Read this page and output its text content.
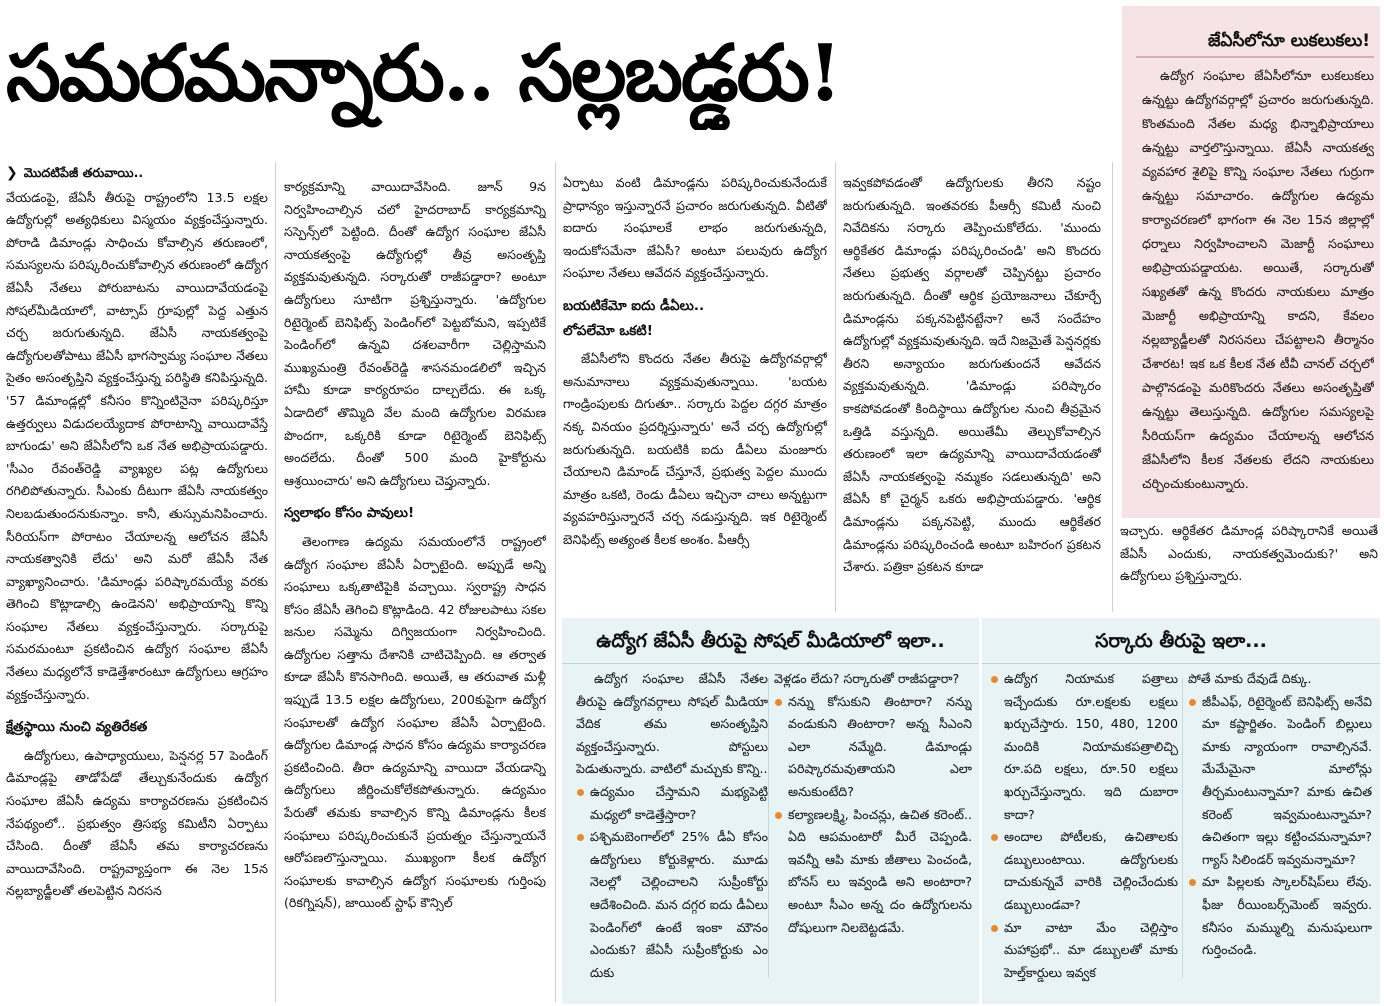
సమరమన్నారు.. సల్లబడ్డరు!
❯ మొదటిపేజీ తరువాయి..

వేయడంపై, జేఏసీ తీరుపై రాష్ట్రంలోని 13.5 లక్షల ఉద్యోగుల్లో అత్యధికులు విస్మయం వ్యక్తంచేస్తున్నారు. పోరాడి డిమాండ్లు సాధించు కోవాల్సిన తరుణంలో, సమస్యలను పరిష్కరించుకోవాల్సిన తరుణంలో ఉద్యోగ జేఏసీ నేతలు పోరుబాటను వాయిదావేయడంపై సోషల్‌మీడియాలో, వాట్సాప్ గ్రూపుల్లో పెద్ద ఎత్తున చర్చ జరుగుతున్నది. జేఏసీ నాయకత్వంపై ఉద్యోగులతోపాటు జేఏసీ భాగస్వామ్య సంఘాల నేతలు సైతం అసంతృప్తిని వ్యక్తంచేస్తున్న పరిస్థితి కనిపిస్తున్నది. '57 డిమాండ్లల్లో కనీసం కొన్నింటినైనా పరిష్కరిస్తూ ఉత్తర్వులు విడుదలయ్యేదాక పోరాటాన్ని వాయిదావేస్తే బాగుండు' అని జేఏసీలోని ఒక నేత అభిప్రాయపడ్డారు. 'సీఎం రేవంత్‌రెడ్డి వ్యాఖ్యల పట్ల ఉద్యోగులు రగిలిపోతున్నారు. సీఎంకు దీటుగా జేఏసీ నాయకత్వం నిలబడుతుందనుకున్నాం. కానీ, తుస్సుమనిపించారు. సీరియస్‌గా పోరాటం చేయాలన్న ఆలోచన జేఏసీ నాయకత్వానికి లేదు' అని మరో జేఏసీ నేత వ్యాఖ్యానించారు. 'డిమాండ్లు పరిష్కారమయ్యే వరకు తెగించి కొట్లాడాల్సి ఉండెనని' అభిప్రాయాన్ని కొన్ని సంఘాల నేతలు వ్యక్తంచేస్తున్నారు. సర్కారుపై సమరమంటూ ప్రకటించిన ఉద్యోగ సంఘాల జేఏసీ నేతలు మధ్యలోనే కాడెత్తేశారంటూ ఉద్యోగులు ఆగ్రహం వ్యక్తంచేస్తున్నారు.

క్షేత్రస్థాయి నుంచి వ్యతిరేకత

ఉద్యోగులు, ఉపాధ్యాయులు, పెన్షనర్ల 57 పెండింగ్ డిమాండ్లపై తాడోపేడో తేల్చుకునేందుకు ఉద్యోగ సంఘాల జేఏసీ ఉద్యమ కార్యాచరణను ప్రకటించిన నేపథ్యంలో.. ప్రభుత్వం త్రిసభ్య కమిటీని ఏర్పాటు చేసింది. దీంతో జేఏసీ తమ కార్యాచరణను వాయిదావేసింది. రాష్ట్రవ్యాప్తంగా ఈ నెల 15న నల్లబ్యాడ్జీలతో తలపెట్టిన నిరసన

కార్యక్రమాన్ని వాయిదావేసింది. జూన్ 9న నిర్వహించాల్సిన చలో హైదరాబాద్ కార్యక్రమాన్ని సస్పెన్స్‌లో పెట్టింది. దీంతో ఉద్యోగ సంఘాల జేఏసీ నాయకత్వంపై ఉద్యోగుల్లో తీవ్ర అసంతృప్తి వ్యక్తమవుతున్నది. సర్కారుతో రాజీపడ్డారా? అంటూ ఉద్యోగులు సూటిగా ప్రశ్నిస్తున్నారు. 'ఉద్యోగుల రిటైర్మెంట్ బెనిఫిట్స్ పెండింగ్‌లో పెట్టబోమని, ఇప్పటికే పెండింగ్‌లో ఉన్నవి దశలవారీగా చెల్లిస్తామని ముఖ్యమంత్రి రేవంత్‌రెడ్డి శాసనమండలిలో ఇచ్చిన హామీ కూడా కార్యరూపం దాల్చలేదు. ఈ ఒక్క ఏడాదిలో తొమ్మిది వేల మంది ఉద్యోగుల విరమణ పొందగా, ఒక్కరికి కూడా రిటైర్మెంట్ బెనిఫిట్స్ అందలేదు. దీంతో 500 మంది హైకోర్టును ఆశ్రయించారు' అని ఉద్యోగులు చెప్తున్నారు.

స్వలాభం కోసం పావులు!

తెలంగాణ ఉద్యమ సమయంలోనే రాష్ట్రంలో ఉద్యోగ సంఘాల జేఏసీ ఏర్పాటైంది. అప్పుడే అన్ని సంఘాలు ఒక్కతాటిపైకి వచ్చాయి. స్వరాష్ట్ర సాధన కోసం జేఏసీ తెగించి కొట్లాడింది. 42 రోజులపాటు సకల జనుల సమ్మెను దిగ్విజయంగా నిర్వహించింది. ఉద్యోగుల సత్తాను దేశానికి చాటిచెప్పింది. ఆ తర్వాత కూడా జేఏసీ కొనసాగింది. అయితే, ఆ తరువాత మళ్లీ ఇప్పుడే 13.5 లక్షల ఉద్యోగులు, 200కుపైగా ఉద్యోగ సంఘాలతో ఉద్యోగ సంఘాల జేఏసీ ఏర్పాటైంది. ఉద్యోగుల డిమాండ్ల సాధన కోసం ఉద్యమ కార్యాచరణ ప్రకటించింది. తీరా ఉద్యమాన్ని వాయిదా వేయడాన్ని ఉద్యోగులు జీర్ణించుకోలేకపోతున్నారు. ఉద్యమం పేరుతో తమకు కావాల్సిన కొన్ని డిమాండ్లను కీలక సంఘాలు పరిష్కరించుకునే ప్రయత్నం చేస్తున్నాయనే ఆరోపణలొస్తున్నాయి. ముఖ్యంగా కీలక ఉద్యోగ సంఘాలకు కావాల్సిన ఉద్యోగ సంఘాలకు గుర్తింపు (రికగ్నిషన్), జాయింట్ స్టాఫ్ కౌన్సిల్

ఏర్పాటు వంటి డిమాండ్లను పరిష్కరించుకునేందుకే ప్రాధాన్యం ఇస్తున్నారనే ప్రచారం జరుగుతున్నది. వీటితో ఐదారు సంఘాలకే లాభం జరుగుతున్నది, ఇందుకోసమేనా జేఏసీ? అంటూ పలువురు ఉద్యోగ సంఘాల నేతలు ఆవేదన వ్యక్తంచేస్తున్నారు.

బయటికేమో ఐదు డీఏలు..
లోపలేమో ఒకటి!

జేఏసీలోని కొందరు నేతల తీరుపై ఉద్యోగవర్గాల్లో అనుమానాలు వ్యక్తమవుతున్నాయి. 'బయట గాండ్రింపులకు దిగుతూ.. సర్కారు పెద్దల దగ్గర మాత్రం నక్క వినయం ప్రదర్శిస్తున్నారు' అనే చర్చ ఉద్యోగుల్లో జరుగుతున్నది. బయటికి ఐదు డీఏలు మంజూరు చేయాలని డిమాండ్ చేస్తూనే, ప్రభుత్వ పెద్దల ముందు మాత్రం ఒకటి, రెండు డీఏలు ఇచ్చినా చాలు అన్నట్టుగా వ్యవహరిస్తున్నారనే చర్చ నడుస్తున్నది. ఇక రిటైర్మెంట్ బెనిఫిట్స్ అత్యంత కీలక అంశం. పీఆర్సీ

ఇవ్వకపోవడంతో ఉద్యోగులకు తీరని నష్టం జరుగుతున్నది. ఇంతవరకు పీఆర్సీ కమిటీ నుంచి నివేదికను సర్కారు తెప్పించుకోలేదు. 'ముందు ఆర్థికేతర డిమాండ్లు పరిష్కరించండి' అని కొందరు నేతలు ప్రభుత్వ వర్గాలతో చెప్పినట్టు ప్రచారం జరుగుతున్నది. దీంతో ఆర్థిక ప్రయోజనాలు చేకూర్చే డిమాండ్లను పక్కనపెట్టినట్టేనా? అనే సందేహం ఉద్యోగుల్లో వ్యక్తమవుతున్నది. ఇదే నిజమైతే పెన్షనర్లకు తీరని అన్యాయం జరుగుతుందనే ఆవేదన వ్యక్తమవుతున్నది. 'డిమాండ్లు పరిష్కారం కాకపోవడంతో కిందిస్థాయి ఉద్యోగుల నుంచి తీవ్రమైన ఒత్తిడి వస్తున్నది. అయితేమీ తెల్చుకోవాల్సిన తరుణంలో ఇలా ఉద్యమాన్ని వాయిదావేయడంతో జేఏసీ నాయకత్వంపై నమ్మకం సడలుతున్నది' అని జేఏసీ కో చైర్మన్ ఒకరు అభిప్రాయపడ్డారు. 'ఆర్థిక డిమాండ్లను పక్కనపెట్టి, ముందు ఆర్థికేతర డిమాండ్లను పరిష్కరించండి అంటూ బహిరంగ ప్రకటన చేశారు. పత్రికా ప్రకటన కూడా

జేఏసీలోనూ లుకలుకలు!

ఉద్యోగ సంఘాల జేఏసీలోనూ లుకలుకలు ఉన్నట్టు ఉద్యోగవర్గాల్లో ప్రచారం జరుగుతున్నది. కొంతమంది నేతల మధ్య భిన్నాభిప్రాయాలు ఉన్నట్టు వార్తలొస్తున్నాయి. జేఏసీ నాయకత్వ వ్యవహార శైలిపై కొన్ని సంఘాల నేతలు గుర్రుగా ఉన్నట్టు సమాచారం. ఉద్యోగుల ఉద్యమ కార్యాచరణలో భాగంగా ఈ నెల 15న జిల్లాల్లో ధర్నాలు నిర్వహించాలని మెజార్టీ సంఘాలు అభిప్రాయపడ్డాయట. అయితే, సర్కారుతో సఖ్యతతో ఉన్న కొందరు నాయకులు మాత్రం మెజార్టీ అభిప్రాయాన్ని కాదని, కేవలం నల్లబ్యాడ్జీలతో నిరసనలు చేపట్టాలని తీర్మానం చేశారట! ఇక ఒక కీలక నేత టీవీ చానల్ చర్చలో పాల్గొనడంపై మరికొందరు నేతలు అసంతృప్తితో ఉన్నట్టు తెలుస్తున్నది. ఉద్యోగుల సమస్యలపై సీరియస్‌గా ఉద్యమం చేయాలన్న ఆలోచన జేఏసీలోని కీలక నేతలకు లేదని నాయకులు చర్చించుకుంటున్నారు.

ఇచ్చారు. ఆర్థికేతర డిమాండ్ల పరిష్కారానికే అయితే జేఏసీ ఎందుకు, నాయకత్వమెందుకు?' అని ఉద్యోగులు ప్రశ్నిస్తున్నారు.

ఉద్యోగ జేఏసీ తీరుపై సోషల్ మీడియాలో ఇలా..

ఉద్యోగ సంఘాల జేఏసీ నేతల తీరుపై ఉద్యోగవర్గాలు సోషల్ మీడియా వేదిక తమ అసంతృప్తిని వ్యక్తంచేస్తున్నారు. పోస్టులు పెడుతున్నారు. వాటిలో మచ్చుకు కొన్ని..

ఉద్యమం చేస్తామని మభ్యపెట్టి మధ్యలో కాడెత్తేస్తారా?
పశ్చిమబెంగాల్‌లో 25% డీఏ కోసం ఉద్యోగులు కోర్టుకెళ్లారు. మూడు నెలల్లో చెల్లించాలని సుప్రీంకోర్టు ఆదేశించింది. మన దగ్గర ఐదు డీఏలు పెండింగ్‌లో ఉంటే ఇంకా మౌనం ఎందుకు? జేఏసీ సుప్రీంకోర్టుకు ఎం దుకు

వెళ్లడం లేదు? సర్కారుతో రాజీపడ్డారా?

నన్ను కోసుకుని తింటారా? నన్ను వండుకుని తింటారా? అన్న సీఎంని ఎలా నమ్మేది. డిమాండ్లు పరిష్కారమవుతాయని ఎలా అనుకుంటేది?
కల్యాణలక్ష్మి, పించన్లు, ఉచిత కరెంట్.. ఏది ఆపమంటారో మీరే చెప్పండి. ఇవన్నీ ఆపి మాకు జీతాలు పెంచండి, బోనస్ లు ఇవ్వండి అని అంటారా? అంటూ సీఎం అన్న దం ఉద్యోగులను దోషులుగా నిలబెట్టడమే.
సర్కారు తీరుపై ఇలా...
ఉద్యోగ నియామక పత్రాలు ఇచ్చేందుకు రూ.లక్షలకు లక్షలు ఖర్చుచేస్తారు. 150, 480, 1200 మందికి నియామకపత్రాలిచ్చి రూ.పది లక్షలు, రూ.50 లక్షలు ఖర్చుచేస్తున్నారు. ఇది దుబారా కాదా?
అందాల పోటీలకు, ఉచితాలకు డబ్బులుంటాయి. ఉద్యోగులకు దాచుకున్నవే వారికి చెల్లించేందుకు డబ్బులుండవా?
మా వాటా మేం చెల్లిస్తాం మహాప్రభో.. మా డబ్బులతో మాకు హెల్త్‌కార్డులు ఇవ్వక

పోతే మాకు దేవుడే దిక్కు.

జీపీఎఫ్, రిటైర్మెంట్ బెనిఫిట్స్ అనేవి మా కష్టార్జితం. పెండింగ్ బిల్లులు మాకు న్యాయంగా రావాల్సినవే. మేమేమైనా మాలోన్లు తీర్చమంటున్నామా? మాకు ఉచిత కరెంట్ ఇవ్వమంటున్నామా? ఉచితంగా ఇల్లు కట్టించమన్నామా? గ్యాస్ సిలిండర్ ఇవ్వమన్నామా?
మా పిల్లలకు స్కాలర్‌షిప్‌లు లేవు. ఫీజు రీయింబర్స్‌మెంట్ ఇవ్వరు. కనీసం మమ్ముల్ని మనుషులుగా గుర్తించండి.
